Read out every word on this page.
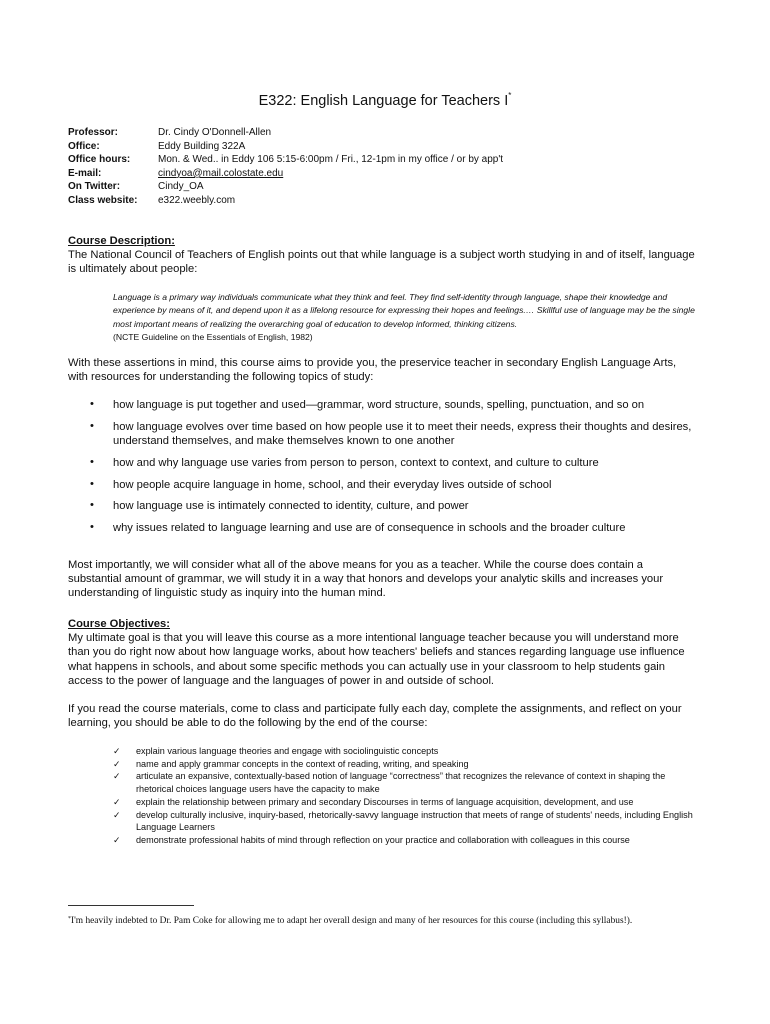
E322: English Language for Teachers I*
Professor:	Dr. Cindy O'Donnell-Allen
Office:	Eddy Building 322A
Office hours:	Mon. & Wed.. in Eddy 106 5:15-6:00pm / Fri., 12-1pm in my office / or by app't
E-mail:	cindyoa@mail.colostate.edu
On Twitter:	Cindy_OA
Class website:	e322.weebly.com
Course Description:
The National Council of Teachers of English points out that while language is a subject worth studying in and of itself, language is ultimately about people:
Language is a primary way individuals communicate what they think and feel. They find self-identity through language, shape their knowledge and experience by means of it, and depend upon it as a lifelong resource for expressing their hopes and feelings.… Skillful use of language may be the single most important means of realizing the overarching goal of education to develop informed, thinking citizens.
(NCTE Guideline on the Essentials of English, 1982)
With these assertions in mind, this course aims to provide you, the preservice teacher in secondary English Language Arts, with resources for understanding the following topics of study:
• how language is put together and used—grammar, word structure, sounds, spelling, punctuation, and so on
• how language evolves over time based on how people use it to meet their needs, express their thoughts and desires, understand themselves, and make themselves known to one another
• how and why language use varies from person to person, context to context, and culture to culture
• how people acquire language in home, school, and their everyday lives outside of school
• how language use is intimately connected to identity, culture, and power
• why issues related to language learning and use are of consequence in schools and the broader culture
Most importantly, we will consider what all of the above means for you as a teacher. While the course does contain a substantial amount of grammar, we will study it in a way that honors and develops your analytic skills and increases your understanding of linguistic study as inquiry into the human mind.
Course Objectives:
My ultimate goal is that you will leave this course as a more intentional language teacher because you will understand more than you do right now about how language works, about how teachers' beliefs and stances regarding language use influence what happens in schools, and about some specific methods you can actually use in your classroom to help students gain access to the power of language and the languages of power in and outside of school.
If you read the course materials, come to class and participate fully each day, complete the assignments, and reflect on your learning, you should be able to do the following by the end of the course:
✓ explain various language theories and engage with sociolinguistic concepts
✓ name and apply grammar concepts in the context of reading, writing, and speaking
✓ articulate an expansive, contextually-based notion of language “correctness” that recognizes the relevance of context in shaping the rhetorical choices language users have the capacity to make
✓ explain the relationship between primary and secondary Discourses in terms of language acquisition, development, and use
✓ develop culturally inclusive, inquiry-based, rhetorically-savvy language instruction that meets of range of students' needs, including English Language Learners
✓ demonstrate professional habits of mind through reflection on your practice and collaboration with colleagues in this course
*I'm heavily indebted to Dr. Pam Coke for allowing me to adapt her overall design and many of her resources for this course (including this syllabus!).
